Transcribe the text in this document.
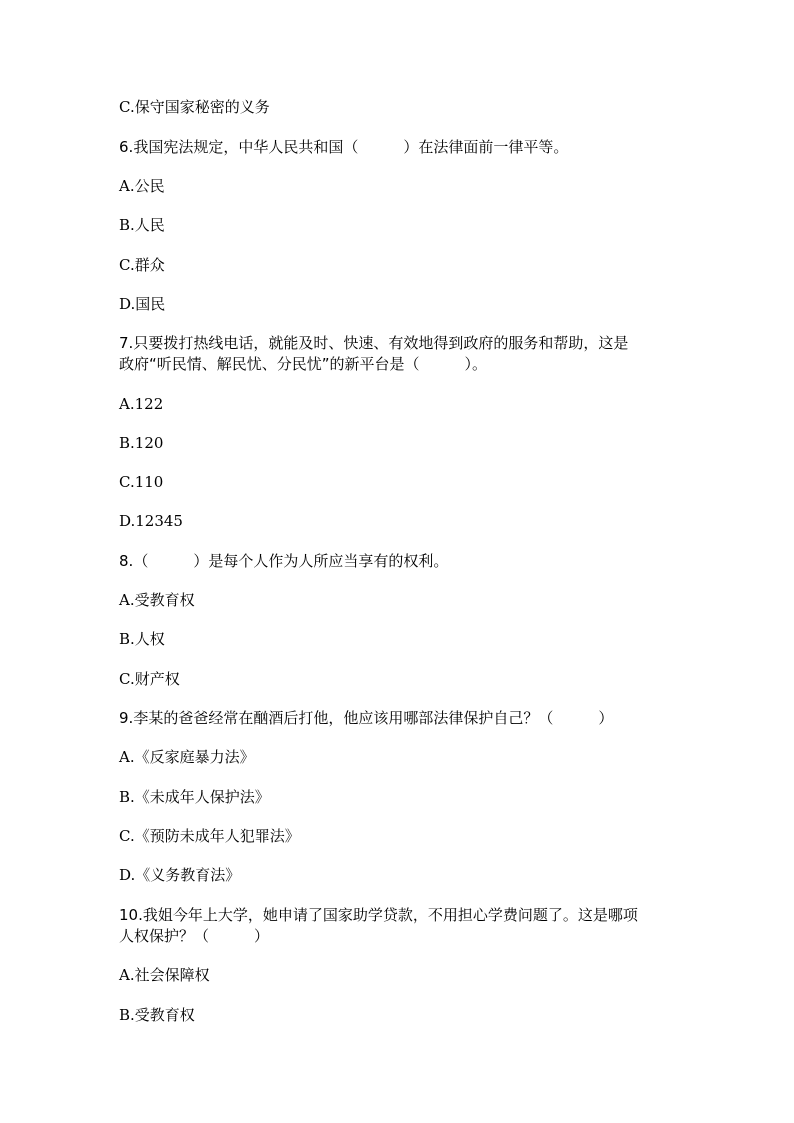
C.保守国家秘密的义务
6.我国宪法规定，中华人民共和国（　　　）在法律面前一律平等。
A.公民
B.人民
C.群众
D.国民
7.只要拨打热线电话，就能及时、快速、有效地得到政府的服务和帮助，这是
政府“听民情、解民忧、分民忧”的新平台是（　　　）。
A.122
B.120
C.110
D.12345
8.（　　　）是每个人作为人所应当享有的权利。
A.受教育权
B.人权
C.财产权
9.李某的爸爸经常在酗酒后打他，他应该用哪部法律保护自己？（　　　）
A.《反家庭暴力法》
B.《未成年人保护法》
C.《预防未成年人犯罪法》
D.《义务教育法》
10.我姐今年上大学，她申请了国家助学贷款，不用担心学费问题了。这是哪项
人权保护？（　　　）
A.社会保障权
B.受教育权
